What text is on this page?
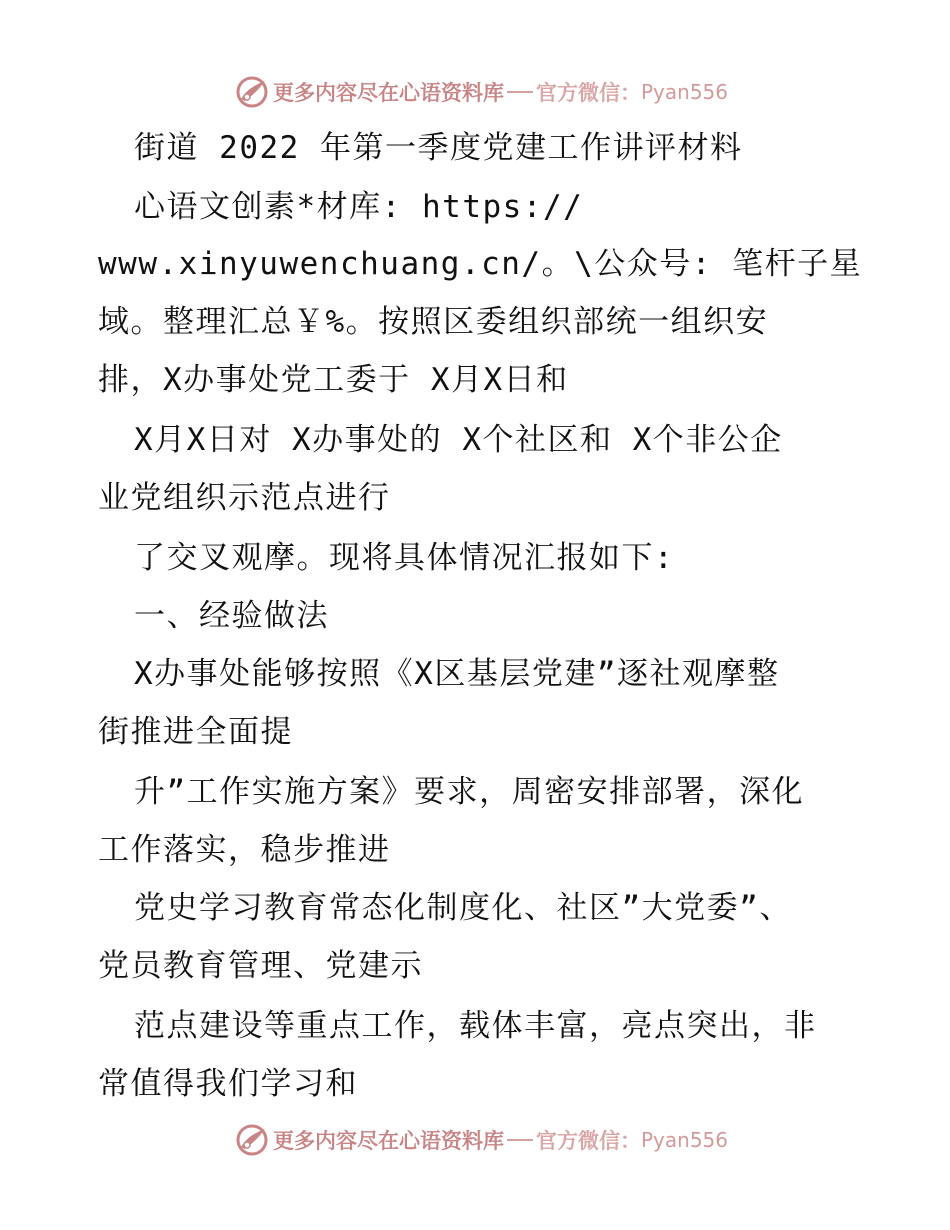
更多内容尽在心语资料库 官方微信： Pyan556

街道 2022 年第一季度党建工作讲评材料

心语文创素*材库: https://

www.xinyuwenchuang.cn/。\公众号: 笔杆子星

域。整理汇总￥%。按照区委组织部统一组织安

排，X办事处党工委于 X月X日和

X月X日对 X办事处的 X个社区和 X个非公企

业党组织示范点进行

了交叉观摩。现将具体情况汇报如下:

一、经验做法

X办事处能够按照《X区基层党建”逐社观摩整

街推进全面提

升”工作实施方案》要求，周密安排部署，深化

工作落实，稳步推进

党史学习教育常态化制度化、社区”大党委”、

党员教育管理、党建示

范点建设等重点工作，载体丰富，亮点突出，非

常值得我们学习和

更多内容尽在心语资料库 官方微信： Pyan556
